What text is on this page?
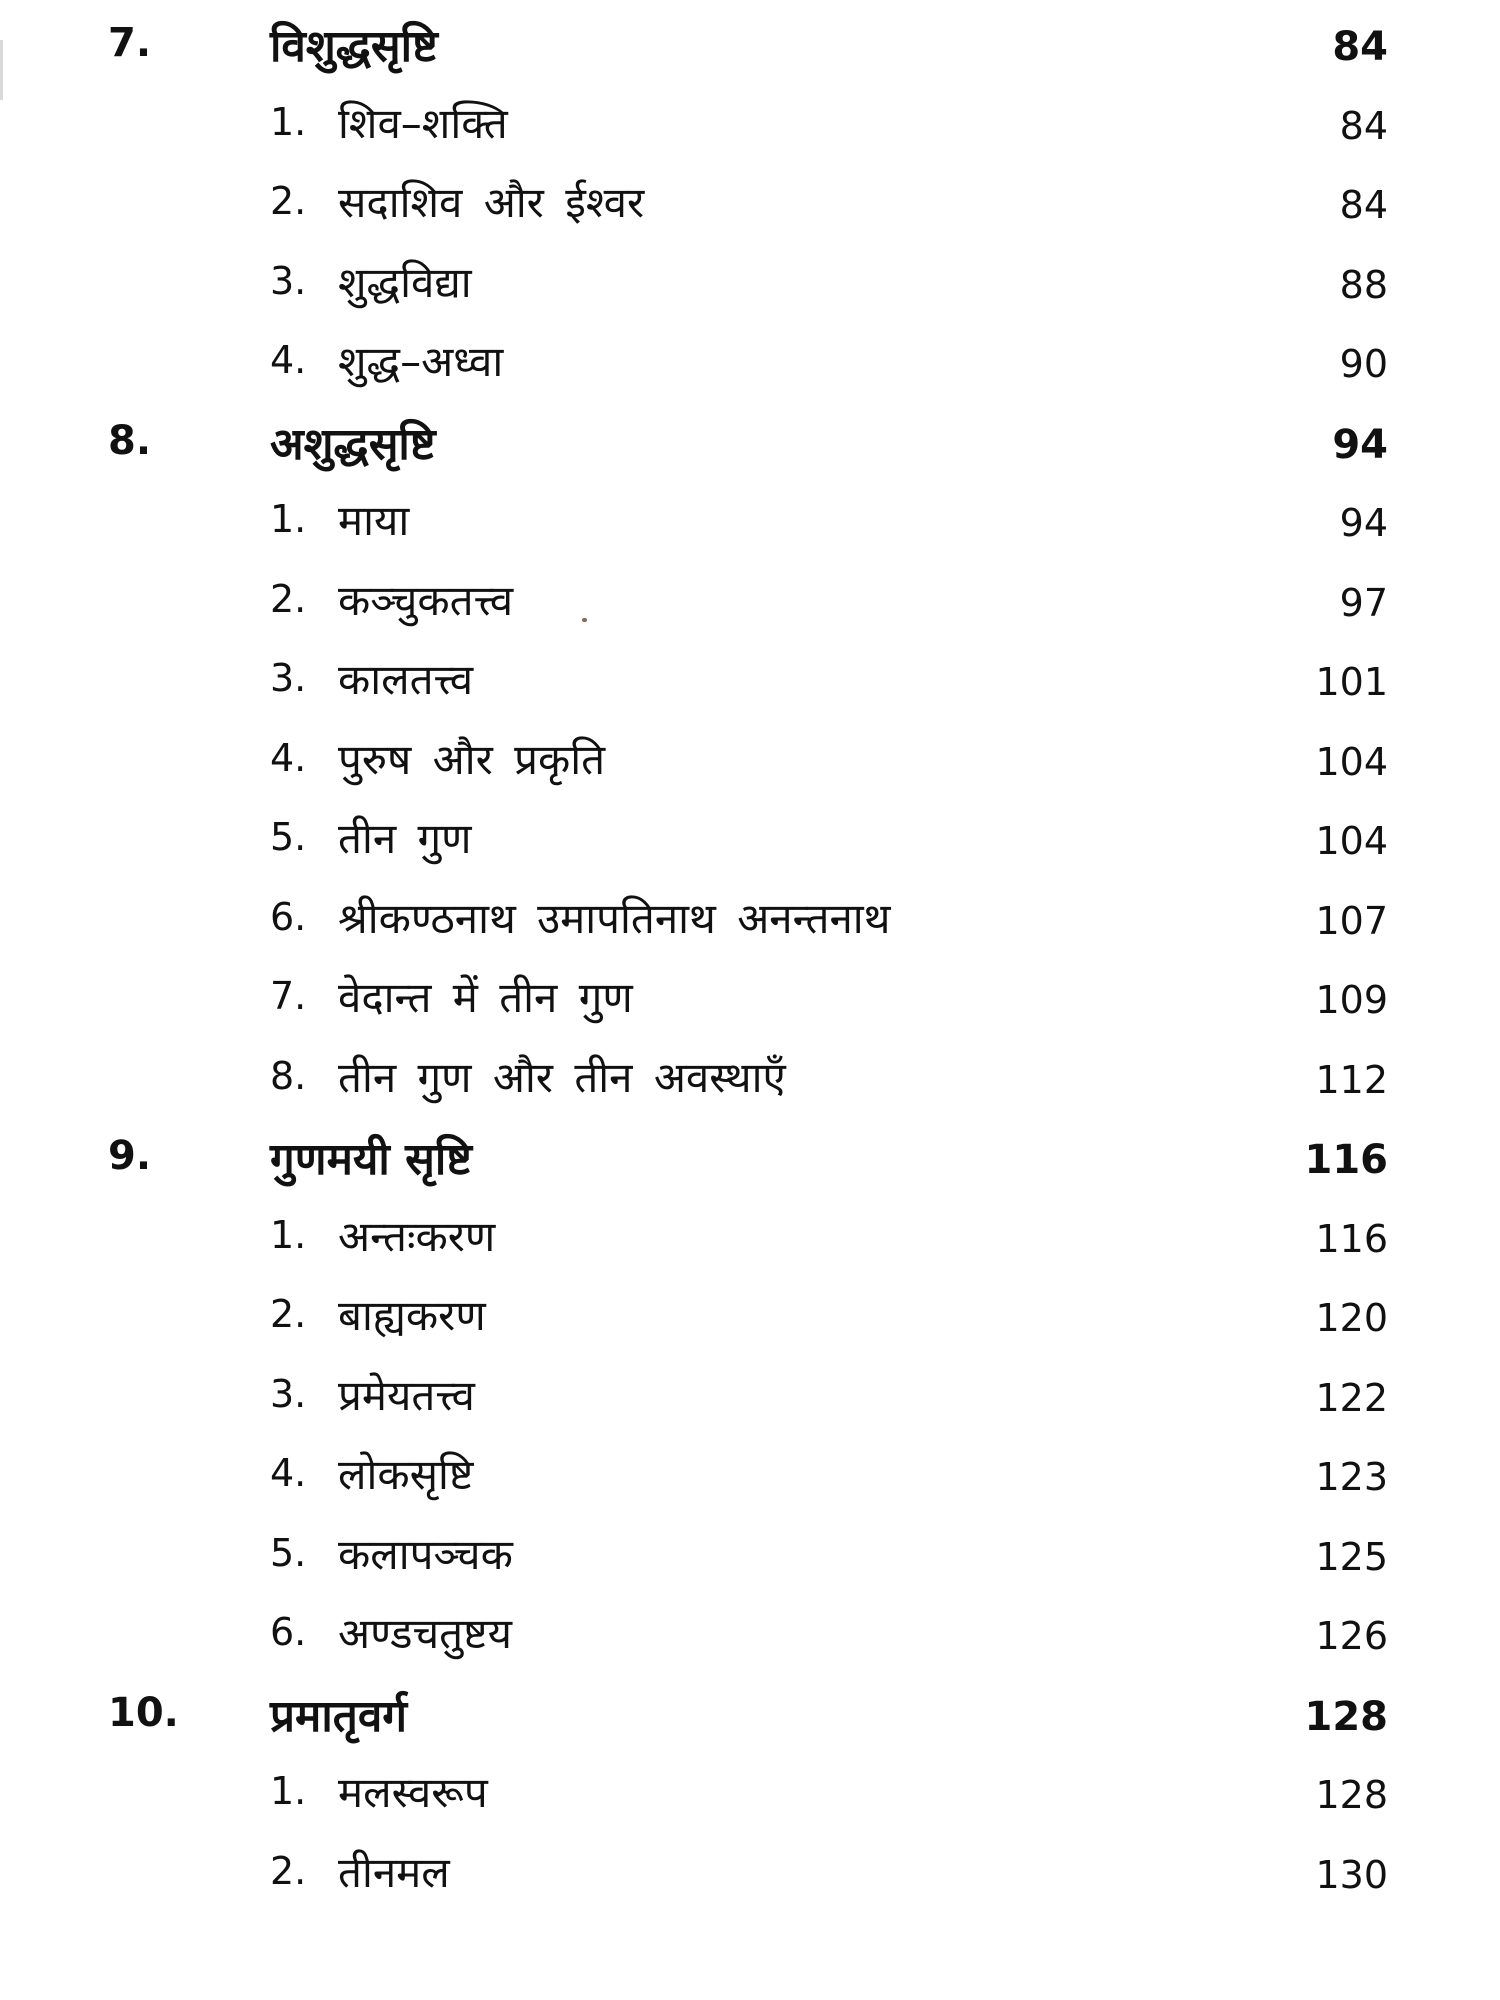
7.	विशुद्धसृष्टि	84
1. शिव–शक्ति	84
2. सदाशिव और ईश्वर	84
3. शुद्धविद्या	88
4. शुद्ध–अध्वा	90
8.	अशुद्धसृष्टि	94
1. माया	94
2. कञ्चुकतत्त्व	97
3. कालतत्त्व	101
4. पुरुष और प्रकृति	104
5. तीन गुण	104
6. श्रीकण्ठनाथ उमापतिनाथ अनन्तनाथ	107
7. वेदान्त में तीन गुण	109
8. तीन गुण और तीन अवस्थाएँ	112
9.	गुणमयी सृष्टि	116
1. अन्तःकरण	116
2. बाह्यकरण	120
3. प्रमेयतत्त्व	122
4. लोकसृष्टि	123
5. कलापञ्चक	125
6. अण्डचतुष्टय	126
10. प्रमातृवर्ग	128
1. मलस्वरूप	128
2. तीनमल	130
